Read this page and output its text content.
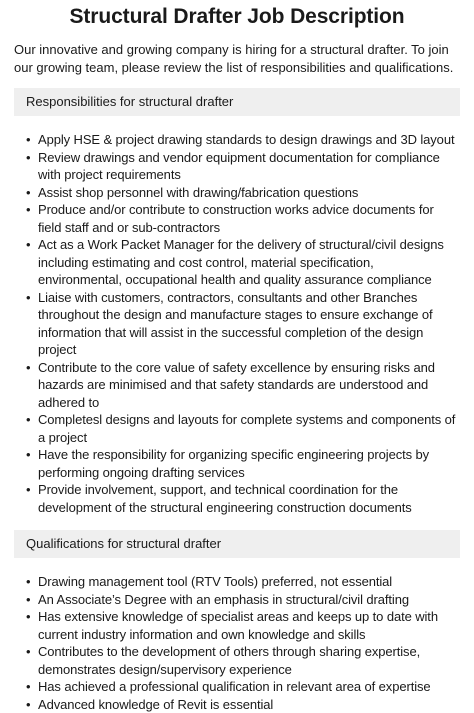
Structural Drafter Job Description

Our innovative and growing company is hiring for a structural drafter. To join our growing team, please review the list of responsibilities and qualifications.

Responsibilities for structural drafter
• Apply HSE & project drawing standards to design drawings and 3D layout
• Review drawings and vendor equipment documentation for compliance with project requirements
• Assist shop personnel with drawing/fabrication questions
• Produce and/or contribute to construction works advice documents for field staff and or sub-contractors
• Act as a Work Packet Manager for the delivery of structural/civil designs including estimating and cost control, material specification, environmental, occupational health and quality assurance compliance
• Liaise with customers, contractors, consultants and other Branches throughout the design and manufacture stages to ensure exchange of information that will assist in the successful completion of the design project
• Contribute to the core value of safety excellence by ensuring risks and hazards are minimised and that safety standards are understood and adhered to
• Completesl designs and layouts for complete systems and components of a project
• Have the responsibility for organizing specific engineering projects by performing ongoing drafting services
• Provide involvement, support, and technical coordination for the development of the structural engineering construction documents
Qualifications for structural drafter
• Drawing management tool (RTV Tools) preferred, not essential
• An Associate’s Degree with an emphasis in structural/civil drafting
• Has extensive knowledge of specialist areas and keeps up to date with current industry information and own knowledge and skills
• Contributes to the development of others through sharing expertise, demonstrates design/supervisory experience
• Has achieved a professional qualification in relevant area of expertise
• Advanced knowledge of Revit is essential
